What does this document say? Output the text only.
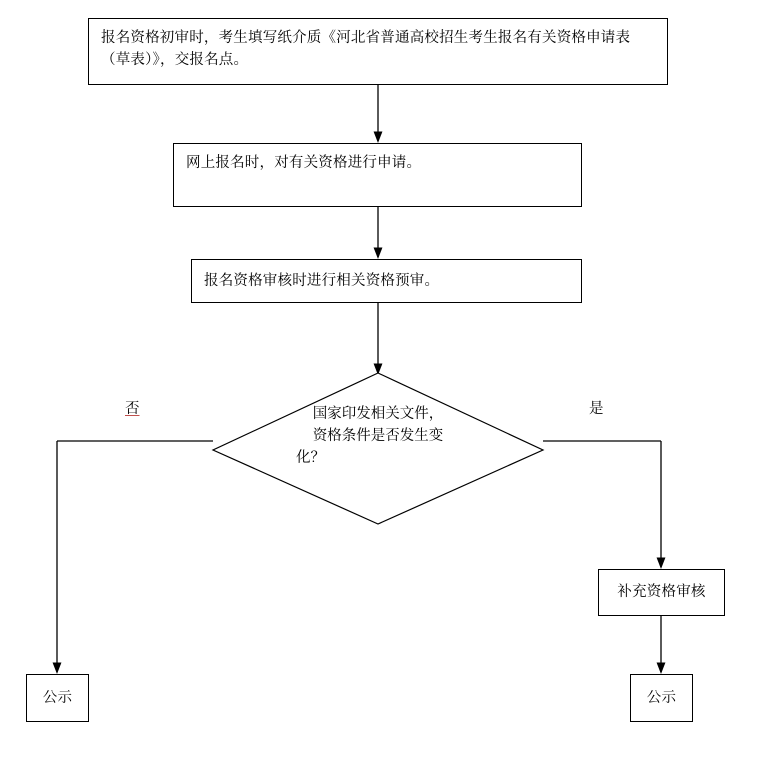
报名资格初审时，考生填写纸介质《河北省普通高校招生考生报名有关资格申请表（草表）》，交报名点。
网上报名时，对有关资格进行申请。
报名资格审核时进行相关资格预审。
国家印发相关文件，
资格条件是否发生变
化？
否	是
补充资格审核
公示	公示
